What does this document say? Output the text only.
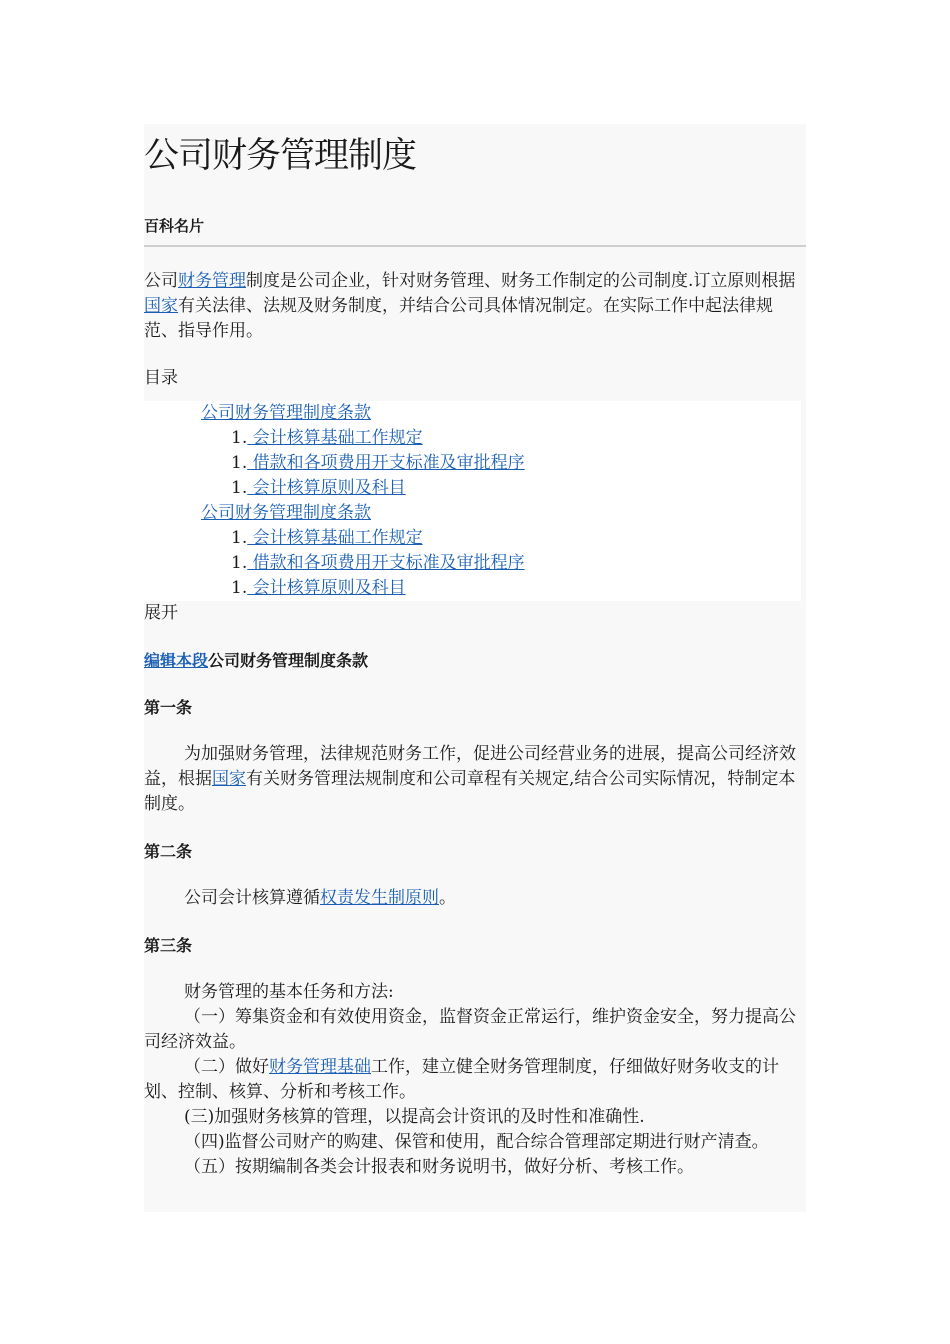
公司财务管理制度
百科名片
公司财务管理制度是公司企业，针对财务管理、财务工作制定的公司制度.订立原则根据国家有关法律、法规及财务制度，并结合公司具体情况制定。在实际工作中起法律规范、指导作用。
目录
公司财务管理制度条款
1. 会计核算基础工作规定
1. 借款和各项费用开支标准及审批程序
1. 会计核算原则及科目
公司财务管理制度条款
1. 会计核算基础工作规定
1. 借款和各项费用开支标准及审批程序
1. 会计核算原则及科目
展开
编辑本段公司财务管理制度条款
第一条
为加强财务管理，法律规范财务工作，促进公司经营业务的进展，提高公司经济效益，根据国家有关财务管理法规制度和公司章程有关规定,结合公司实际情况，特制定本制度。
第二条
公司会计核算遵循权责发生制原则。
第三条
财务管理的基本任务和方法:
（一）筹集资金和有效使用资金，监督资金正常运行，维护资金安全，努力提高公司经济效益。
（二）做好财务管理基础工作，建立健全财务管理制度，仔细做好财务收支的计划、控制、核算、分析和考核工作。
(三)加强财务核算的管理，以提高会计资讯的及时性和准确性.
（四)监督公司财产的购建、保管和使用，配合综合管理部定期进行财产清查。
（五）按期编制各类会计报表和财务说明书，做好分析、考核工作。
